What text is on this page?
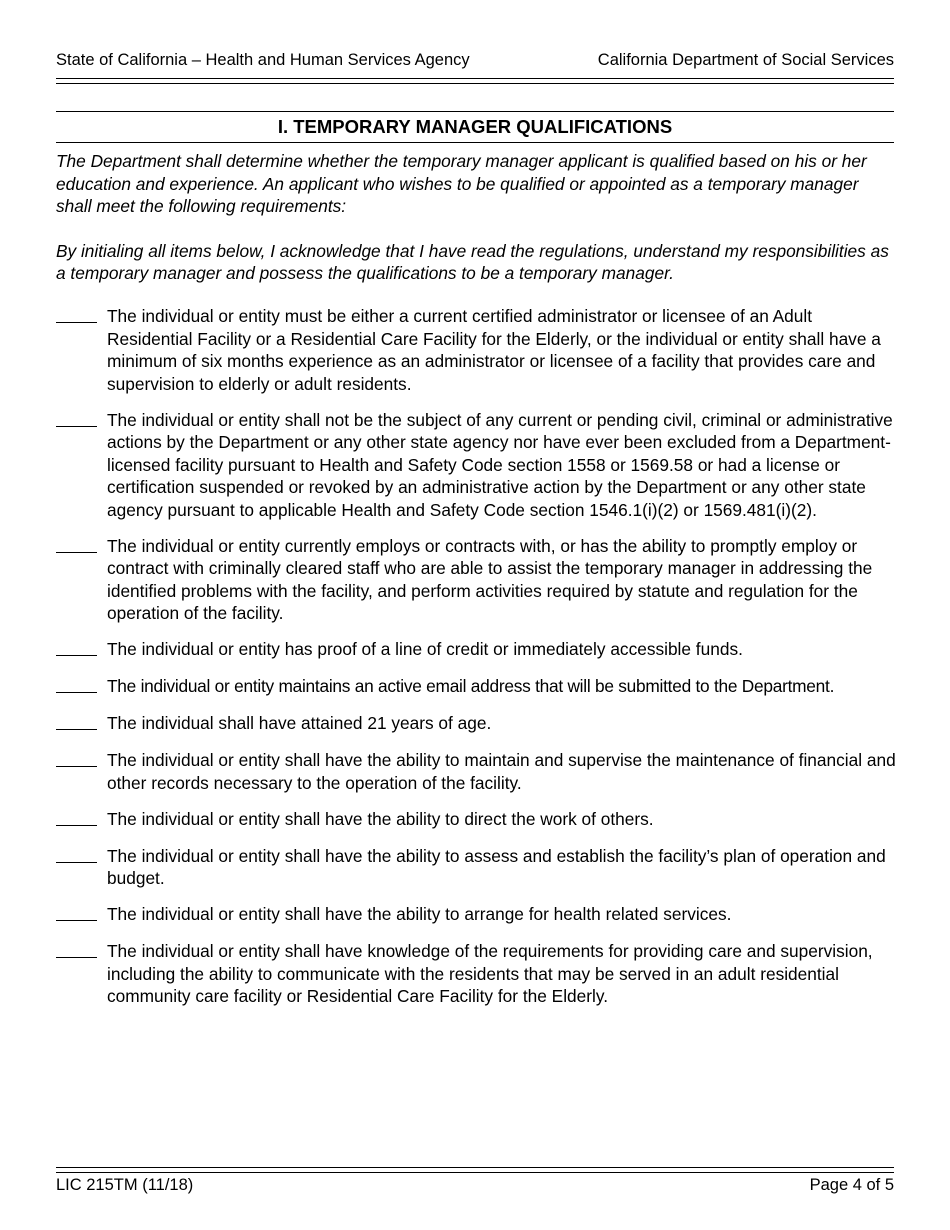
State of California – Health and Human Services Agency	California Department of Social Services
I. TEMPORARY MANAGER QUALIFICATIONS

The Department shall determine whether the temporary manager applicant is qualified based on his or her education and experience. An applicant who wishes to be qualified or appointed as a temporary manager shall meet the following requirements:

By initialing all items below, I acknowledge that I have read the regulations, understand my responsibilities as a temporary manager and possess the qualifications to be a temporary manager.

The individual or entity must be either a current certified administrator or licensee of an Adult Residential Facility or a Residential Care Facility for the Elderly, or the individual or entity shall have a minimum of six months experience as an administrator or licensee of a facility that provides care and supervision to elderly or adult residents.
The individual or entity shall not be the subject of any current or pending civil, criminal or administrative actions by the Department or any other state agency nor have ever been excluded from a Department-licensed facility pursuant to Health and Safety Code section 1558 or 1569.58 or had a license or certification suspended or revoked by an administrative action by the Department or any other state agency pursuant to applicable Health and Safety Code section 1546.1(i)(2) or 1569.481(i)(2).
The individual or entity currently employs or contracts with, or has the ability to promptly employ or contract with criminally cleared staff who are able to assist the temporary manager in addressing the identified problems with the facility, and perform activities required by statute and regulation for the operation of the facility.
The individual or entity has proof of a line of credit or immediately accessible funds.
The individual or entity maintains an active email address that will be submitted to the Department.
The individual shall have attained 21 years of age.
The individual or entity shall have the ability to maintain and supervise the maintenance of financial and other records necessary to the operation of the facility.
The individual or entity shall have the ability to direct the work of others.
The individual or entity shall have the ability to assess and establish the facility’s plan of operation and budget.
The individual or entity shall have the ability to arrange for health related services.
The individual or entity shall have knowledge of the requirements for providing care and supervision, including the ability to communicate with the residents that may be served in an adult residential community care facility or Residential Care Facility for the Elderly.
LIC 215TM (11/18)	Page 4 of 5
